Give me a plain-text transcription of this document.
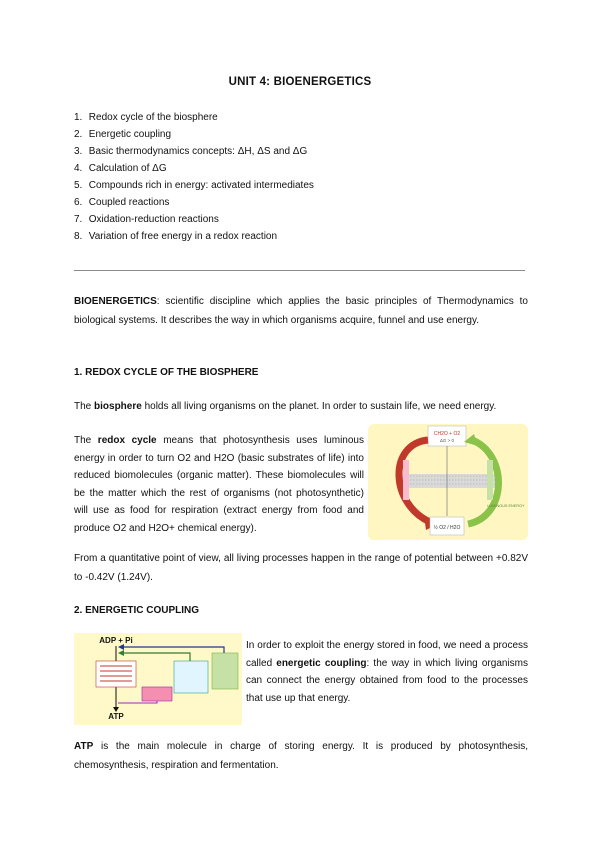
UNIT 4: BIOENERGETICS
1. Redox cycle of the biosphere
2. Energetic coupling
3. Basic thermodynamics concepts: ΔH, ΔS and ΔG
4. Calculation of ΔG
5. Compounds rich in energy: activated intermediates
6. Coupled reactions
7. Oxidation-reduction reactions
8. Variation of free energy in a redox reaction

BIOENERGETICS: scientific discipline which applies the basic principles of Thermodynamics to biological systems. It describes the way in which organisms acquire, funnel and use energy.

1. REDOX CYCLE OF THE BIOSPHERE

The biosphere holds all living organisms on the planet. In order to sustain life, we need energy.

The redox cycle means that photosynthesis uses luminous energy in order to turn O2 and H2O (basic substrates of life) into reduced biomolecules (organic matter). These biomolecules will be the matter which the rest of organisms (not photosynthetic) will use as food for respiration (extract energy from food and produce O2 and H2O+ chemical energy).

From a quantitative point of view, all living processes happen in the range of potential between +0.82V to -0.42V (1.24V).

CH2O + O2
ΔG > 0
½ O2 / H2O
LUMINOUS ENERGY

2. ENERGETIC COUPLING

ADP + Pi
ATP

In order to exploit the energy stored in food, we need a process called energetic coupling: the way in which living organisms can connect the energy obtained from food to the processes that use up that energy.

ATP is the main molecule in charge of storing energy. It is produced by photosynthesis, chemosynthesis, respiration and fermentation.
